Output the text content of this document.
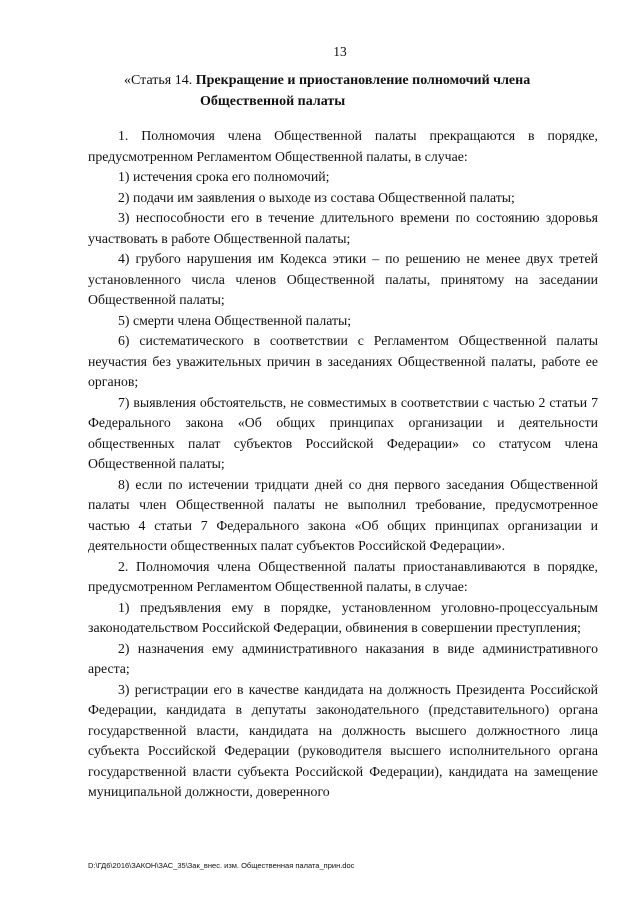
13
«Статья 14. Прекращение и приостановление полномочий члена
Общественной палаты

1. Полномочия члена Общественной палаты прекращаются в порядке, предусмотренном Регламентом Общественной палаты, в случае:

1) истечения срока его полномочий;

2) подачи им заявления о выходе из состава Общественной палаты;

3) неспособности его в течение длительного времени по состоянию здоровья участвовать в работе Общественной палаты;

4) грубого нарушения им Кодекса этики – по решению не менее двух третей установленного числа членов Общественной палаты, принятому на заседании Общественной палаты;

5) смерти члена Общественной палаты;

6) систематического в соответствии с Регламентом Общественной палаты неучастия без уважительных причин в заседаниях Общественной палаты, работе ее органов;

7) выявления обстоятельств, не совместимых в соответствии с частью 2 статьи 7 Федерального закона «Об общих принципах организации и деятельности общественных палат субъектов Российской Федерации» со статусом члена Общественной палаты;

8) если по истечении тридцати дней со дня первого заседания Общественной палаты член Общественной палаты не выполнил требование, предусмотренное частью 4 статьи 7 Федерального закона «Об общих принципах организации и деятельности общественных палат субъектов Российской Федерации».

2. Полномочия члена Общественной палаты приостанавливаются в порядке, предусмотренном Регламентом Общественной палаты, в случае:

1) предъявления ему в порядке, установленном уголовно-процессуальным законодательством Российской Федерации, обвинения в совершении преступления;

2) назначения ему административного наказания в виде административного ареста;

3) регистрации его в качестве кандидата на должность Президента Российской Федерации, кандидата в депутаты законодательного (представительного) органа государственной власти, кандидата на должность высшего должностного лица субъекта Российской Федерации (руководителя высшего исполнительного органа государственной власти субъекта Российской Федерации), кандидата на замещение муниципальной должности, доверенного

D:\ГД6\2016\ЗАКОН\ЗАС_35\Зак_внес. изм. Общественная палата_прин.doc
